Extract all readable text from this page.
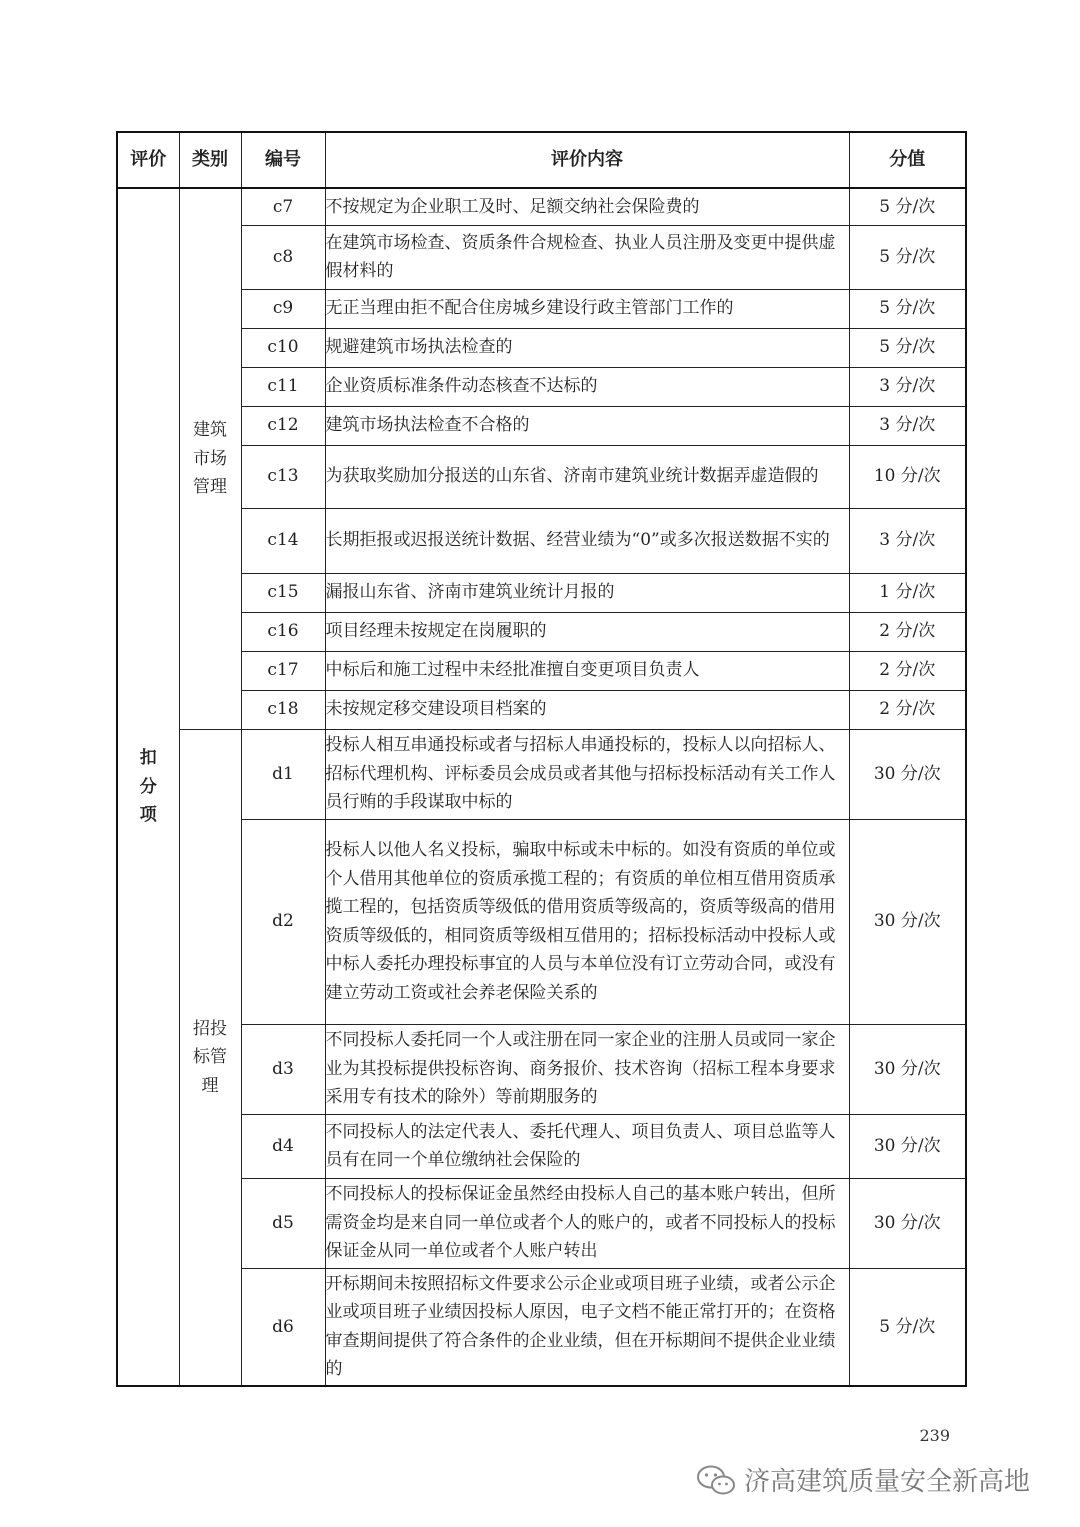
评价	类别	编号	评价内容	分值
扣分项	建筑市场管理	c7	不按规定为企业职工及时、足额交纳社会保险费的	5 分/次
		c8	在建筑市场检查、资质条件合规检查、执业人员注册及变更中提供虚假材料的	5 分/次
		c9	无正当理由拒不配合住房城乡建设行政主管部门工作的	5 分/次
		c10	规避建筑市场执法检查的	5 分/次
		c11	企业资质标准条件动态核查不达标的	3 分/次
		c12	建筑市场执法检查不合格的	3 分/次
		c13	为获取奖励加分报送的山东省、济南市建筑业统计数据弄虚造假的	10 分/次
		c14	长期拒报或迟报送统计数据、经营业绩为“0”或多次报送数据不实的	3 分/次
		c15	漏报山东省、济南市建筑业统计月报的	1 分/次
		c16	项目经理未按规定在岗履职的	2 分/次
		c17	中标后和施工过程中未经批准擅自变更项目负责人	2 分/次
		c18	未按规定移交建设项目档案的	2 分/次
	招投标管理	d1	投标人相互串通投标或者与招标人串通投标的，投标人以向招标人、招标代理机构、评标委员会成员或者其他与招标投标活动有关工作人员行贿的手段谋取中标的	30 分/次
		d2	投标人以他人名义投标，骗取中标或未中标的。如没有资质的单位或个人借用其他单位的资质承揽工程的；有资质的单位相互借用资质承揽工程的，包括资质等级低的借用资质等级高的，资质等级高的借用资质等级低的，相同资质等级相互借用的；招标投标活动中投标人或中标人委托办理投标事宜的人员与本单位没有订立劳动合同，或没有建立劳动工资或社会养老保险关系的	30 分/次
		d3	不同投标人委托同一个人或注册在同一家企业的注册人员或同一家企业为其投标提供投标咨询、商务报价、技术咨询（招标工程本身要求采用专有技术的除外）等前期服务的	30 分/次
		d4	不同投标人的法定代表人、委托代理人、项目负责人、项目总监等人员有在同一个单位缴纳社会保险的	30 分/次
		d5	不同投标人的投标保证金虽然经由投标人自己的基本账户转出，但所需资金均是来自同一单位或者个人的账户的，或者不同投标人的投标保证金从同一单位或者个人账户转出	30 分/次
		d6	开标期间未按照招标文件要求公示企业或项目班子业绩，或者公示企业或项目班子业绩因投标人原因，电子文档不能正常打开的；在资格审查期间提供了符合条件的企业业绩，但在开标期间不提供企业业绩的	5 分/次
239
济高建筑质量安全新高地
